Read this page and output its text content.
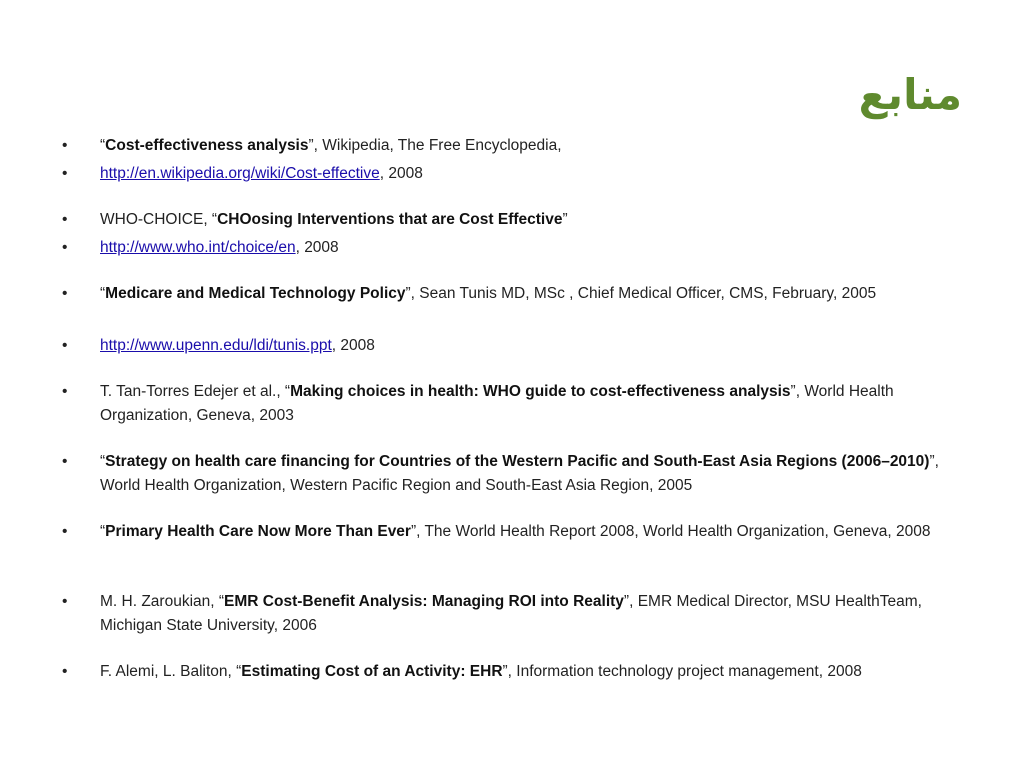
منابع
•	“Cost-effectiveness analysis”, Wikipedia, The Free Encyclopedia,
•	http://en.wikipedia.org/wiki/Cost-effective, 2008
•	WHO-CHOICE, “CHOosing Interventions that are Cost Effective”
•	http://www.who.int/choice/en, 2008
•	“Medicare and Medical Technology Policy”, Sean Tunis MD, MSc , Chief Medical Officer, CMS, February, 2005
•	http://www.upenn.edu/ldi/tunis.ppt, 2008
•	T. Tan-Torres Edejer et al., “Making choices in health: WHO guide to cost-effectiveness analysis”, World Health Organization, Geneva, 2003
•	“Strategy on health care financing for Countries of the Western Pacific and South-East Asia Regions (2006–2010)”, World Health Organization, Western Pacific Region and South-East Asia Region, 2005
•	“Primary Health Care Now More Than Ever”, The World Health Report 2008, World Health Organization, Geneva, 2008
•	M. H. Zaroukian, “EMR Cost-Benefit Analysis: Managing ROI into Reality”, EMR Medical Director, MSU HealthTeam, Michigan State University, 2006
•	F. Alemi, L. Baliton, “Estimating Cost of an Activity: EHR”, Information technology project management, 2008
